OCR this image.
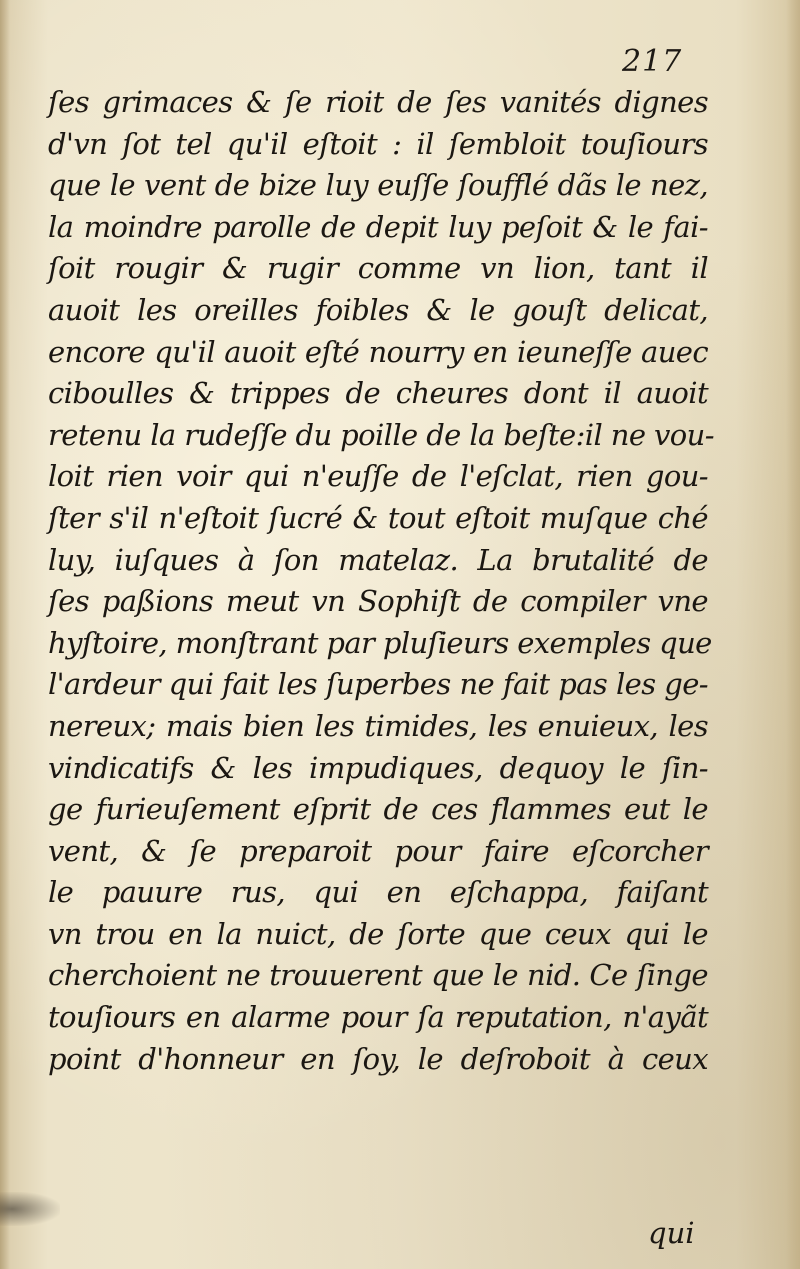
217
ſes grimaces & ſe rioit de ſes vanités dignes
d'vn ſot tel qu'il eſtoit : il ſembloit touſiours
que le vent de bize luy euſſe ſoufflé dãs le nez,
la moindre parolle de depit luy peſoit & le fai-
ſoit rougir & rugir comme vn lion, tant il
auoit les oreilles foibles & le gouſt delicat,
encore qu'il auoit eſté nourry en ieuneſſe auec
ciboulles & trippes de cheures dont il auoit
retenu la rudeſſe du poille de la beſte:il ne vou-
loit rien voir qui n'euſſe de l'eſclat, rien gou-
ſter s'il n'eſtoit ſucré & tout eſtoit muſque ché
luy, iuſques à ſon matelaz. La brutalité de
ſes paßions meut vn Sophiſt de compiler vne
hyſtoire, monſtrant par pluſieurs exemples que
l'ardeur qui fait les ſuperbes ne fait pas les ge-
nereux; mais bien les timides, les enuieux, les
vindicatifs & les impudiques, dequoy le ſin-
ge furieuſement eſprit de ces flammes eut le
vent, & ſe preparoit pour faire eſcorcher
le pauure rus, qui en eſchappa, faiſant
vn trou en la nuict, de ſorte que ceux qui le
cherchoient ne trouuerent que le nid. Ce ſinge
touſiours en alarme pour ſa reputation, n'ayãt
point d'honneur en ſoy, le deſroboit à ceux
qui
